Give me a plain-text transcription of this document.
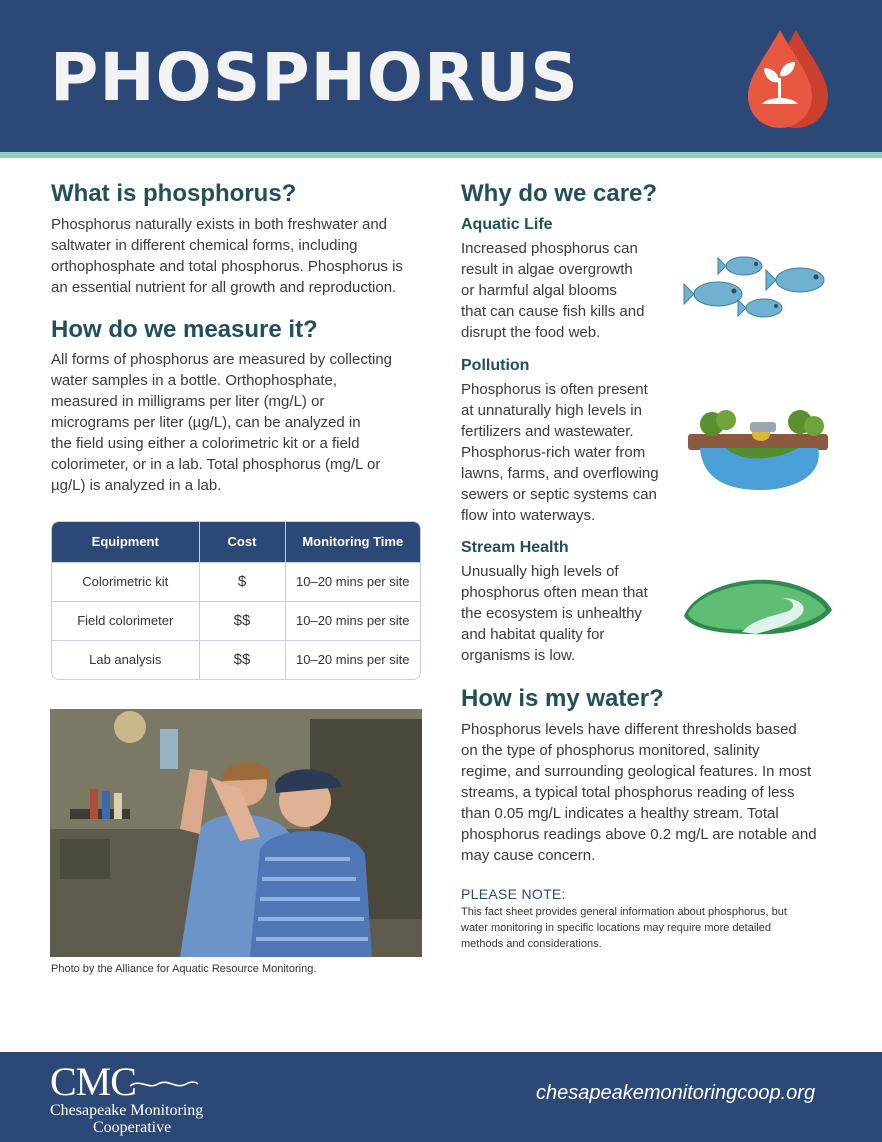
PHOSPHORUS
What is phosphorus?
Phosphorus naturally exists in both freshwater and
saltwater in different chemical forms, including
orthophosphate and total phosphorus. Phosphorus is
an essential nutrient for all growth and reproduction.
How do we measure it?
All forms of phosphorus are measured by collecting
water samples in a bottle. Orthophosphate,
measured in milligrams per liter (mg/L) or
micrograms per liter (µg/L), can be analyzed in
the field using either a colorimetric kit or a field
colorimeter, or in a lab. Total phosphorus (mg/L or
µg/L) is analyzed in a lab.
Equipment	Cost	Monitoring Time
Colorimetric kit	$	10–20 mins per site
Field colorimeter	$$	10–20 mins per site
Lab analysis	$$	10–20 mins per site
Photo by the Alliance for Aquatic Resource Monitoring.
Why do we care?
Aquatic Life
Increased phosphorus can
result in algae overgrowth
or harmful algal blooms
that can cause fish kills and
disrupt the food web.
Pollution
Phosphorus is often present
at unnaturally high levels in
fertilizers and wastewater.
Phosphorus-rich water from
lawns, farms, and overflowing
sewers or septic systems can
flow into waterways.
Stream Health
Unusually high levels of
phosphorus often mean that
the ecosystem is unhealthy
and habitat quality for
organisms is low.
How is my water?
Phosphorus levels have different thresholds based
on the type of phosphorus monitored, salinity
regime, and surrounding geological features. In most
streams, a typical total phosphorus reading of less
than 0.05 mg/L indicates a healthy stream. Total
phosphorus readings above 0.2 mg/L are notable and
may cause concern.
PLEASE NOTE:
This fact sheet provides general information about phosphorus, but
water monitoring in specific locations may require more detailed
methods and considerations.
CMC
Chesapeake Monitoring
Cooperative
chesapeakemonitoringcoop.org
